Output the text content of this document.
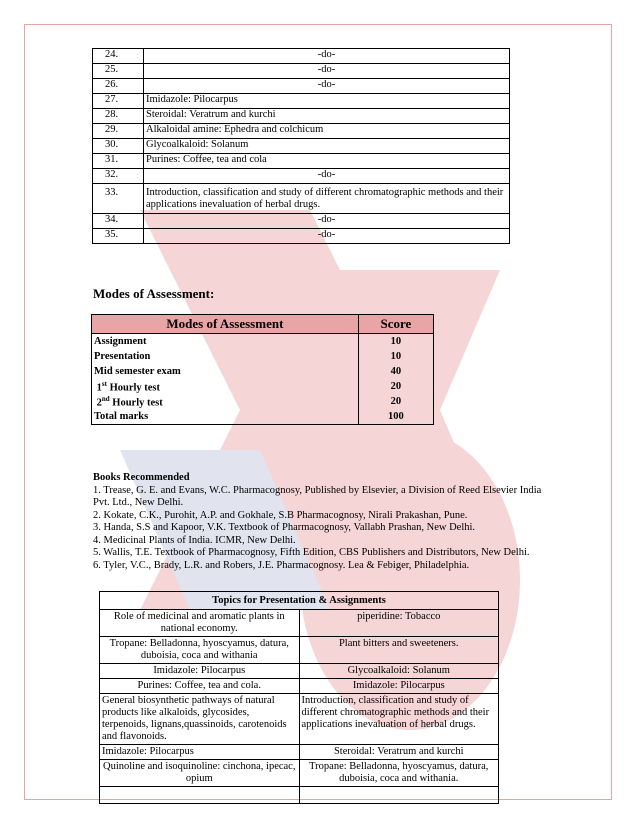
24.	-do-
25.	-do-
26.	-do-
27.	Imidazole: Pilocarpus
28.	Steroidal: Veratrum and kurchi
29.	Alkaloidal amine: Ephedra and colchicum
30.	Glycoalkaloid: Solanum
31.	Purines: Coffee, tea and cola
32.	-do-
33.	Introduction, classification and study of different chromatographic methods and their applications inevaluation of herbal drugs.
34.	-do-
35.	-do-
Modes of Assessment:
Modes of Assessment	Score
Assignment	10
Presentation	10
Mid semester exam	40
1st Hourly test	20
2nd Hourly test	20
Total marks	100

Books Recommended

1. Trease, G. E. and Evans, W.C. Pharmacognosy, Published by Elsevier, a Division of Reed Elsevier India Pvt. Ltd., New Delhi.

2. Kokate, C.K., Purohit, A.P. and Gokhale, S.B Pharmacognosy, Nirali Prakashan, Pune.

3. Handa, S.S and Kapoor, V.K. Textbook of Pharmacognosy, Vallabh Prashan, New Delhi.

4. Medicinal Plants of India. ICMR, New Delhi.

5. Wallis, T.E. Textbook of Pharmacognosy, Fifth Edition, CBS Publishers and Distributors, New Delhi.

6. Tyler, V.C., Brady, L.R. and Robers, J.E. Pharmacognosy. Lea & Febiger, Philadelphia.

Topics for Presentation & Assignments	
Role of medicinal and aromatic plants in national economy.	piperidine: Tobacco
Tropane: Belladonna, hyoscyamus, datura, duboisia, coca and withania	Plant bitters and sweeteners.
Imidazole: Pilocarpus	Glycoalkaloid: Solanum
Purines: Coffee, tea and cola.	Imidazole: Pilocarpus
General biosynthetic pathways of natural products like alkaloids, glycosides, terpenoids, lignans,quassinoids, carotenoids and flavonoids.	Introduction, classification and study of different chromatographic methods and their applications inevaluation of herbal drugs.
Imidazole: Pilocarpus	Steroidal: Veratrum and kurchi
Quinoline and isoquinoline: cinchona, ipecac, opium	Tropane: Belladonna, hyoscyamus, datura, duboisia, coca and withania.
